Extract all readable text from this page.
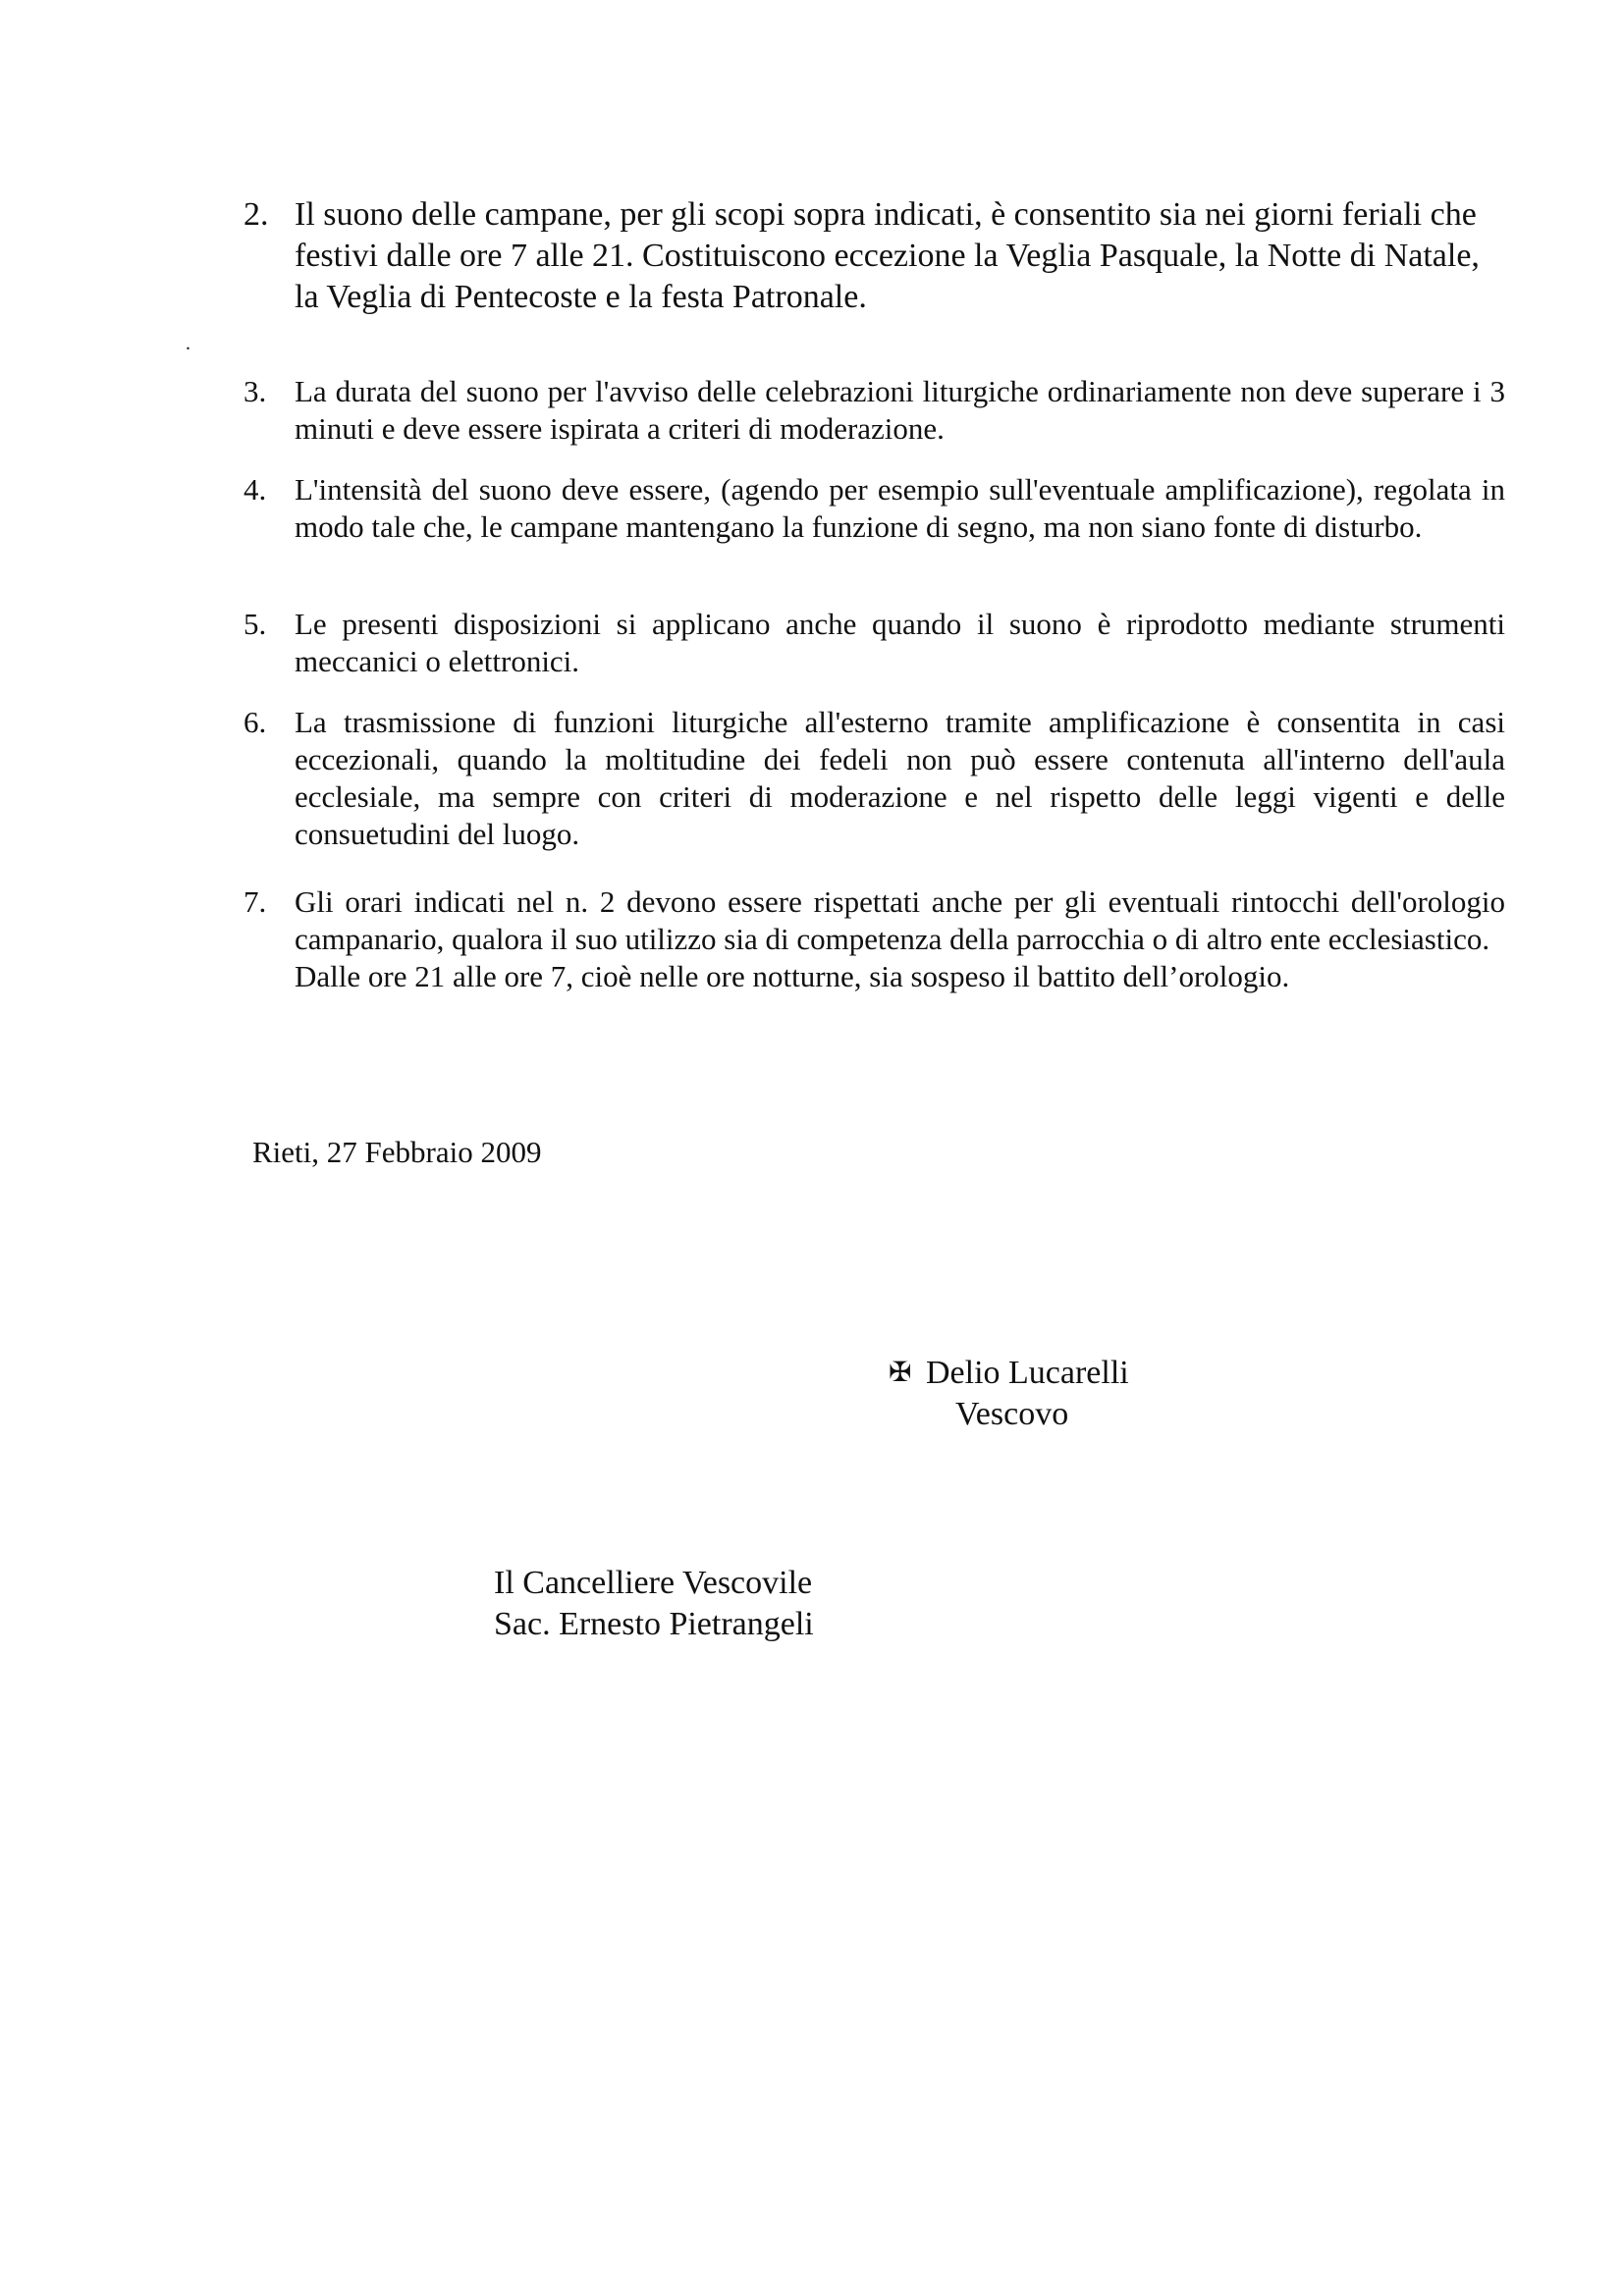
2. Il suono delle campane, per gli scopi sopra indicati, è consentito sia nei giorni feriali che festivi dalle ore 7 alle 21. Costituiscono eccezione la Veglia Pasquale, la Notte di Natale, la Veglia di Pentecoste e la festa Patronale.
.
3. La durata del suono per l'avviso delle celebrazioni liturgiche ordinariamente non deve superare i 3 minuti e deve essere ispirata a criteri di moderazione.
4. L'intensità del suono deve essere, (agendo per esempio sull'eventuale amplificazione), regolata in modo tale che, le campane mantengano la funzione di segno, ma non siano fonte di disturbo.
5. Le presenti disposizioni si applicano anche quando il suono è riprodotto mediante strumenti meccanici o elettronici.
6. La trasmissione di funzioni liturgiche all'esterno tramite amplificazione è consentita in casi eccezionali, quando la moltitudine dei fedeli non può essere contenuta all'interno dell'aula ecclesiale, ma sempre con criteri di moderazione e nel rispetto delle leggi vigenti e delle consuetudini del luogo.
7. Gli orari indicati nel n. 2 devono essere rispettati anche per gli eventuali rintocchi dell'orologio campanario, qualora il suo utilizzo sia di competenza della parrocchia o di altro ente ecclesiastico.
Dalle ore 21 alle ore 7, cioè nelle ore notturne, sia sospeso il battito dell’orologio.
Rieti, 27 Febbraio 2009
✠ Delio Lucarelli
Vescovo
Il Cancelliere Vescovile
Sac. Ernesto Pietrangeli
